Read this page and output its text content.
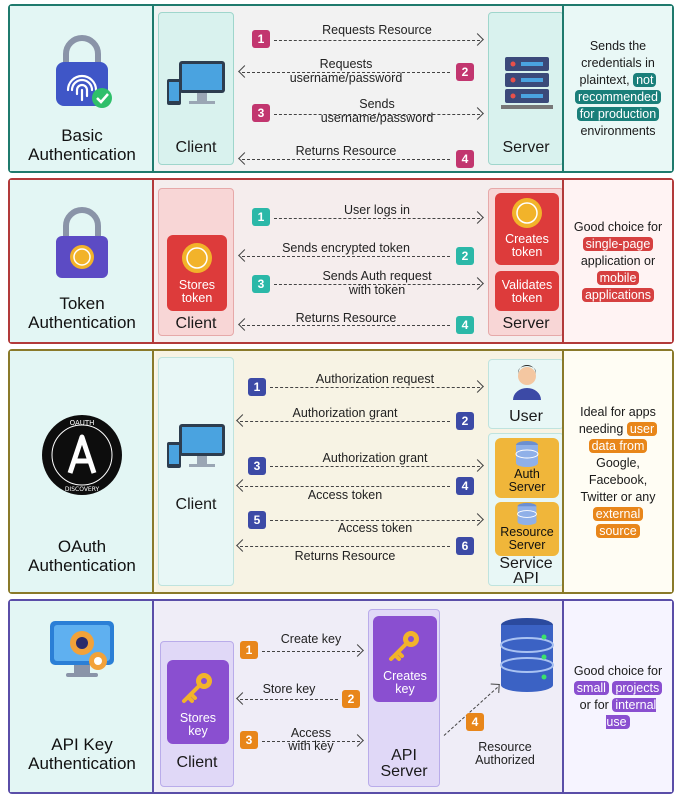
Basic
Authentication	Client	Server
1
Requests Resource
2
Requests
username/password
3
Sends
username/password
4
Returns Resource
Sends the credentials in plaintext, not recommended for production environments
Token
Authentication
Stores token
Client
Creates token
Validates token
Server
1	User logs in
2
Sends encrypted token
3
Sends Auth request
with token
4
Returns Resource
Good choice for single-page application or mobile applications
OAUTH
DISCOVERY
OAuth
Authentication
Client
User
Auth Server
Resource Server
Service API
1
Authorization request
2
Authorization grant
3
Authorization grant
4
Access token
5
Access token
6
Returns Resource
Ideal for apps needing user data from Google, Facebook, Twitter or any external source
API Key
Authentication
Stores key
Client
Creates key
API
Server
1
Create key
2
Store key
3	Access
with key
4
Resource
Authorized
Good choice for small projects or for internal use
